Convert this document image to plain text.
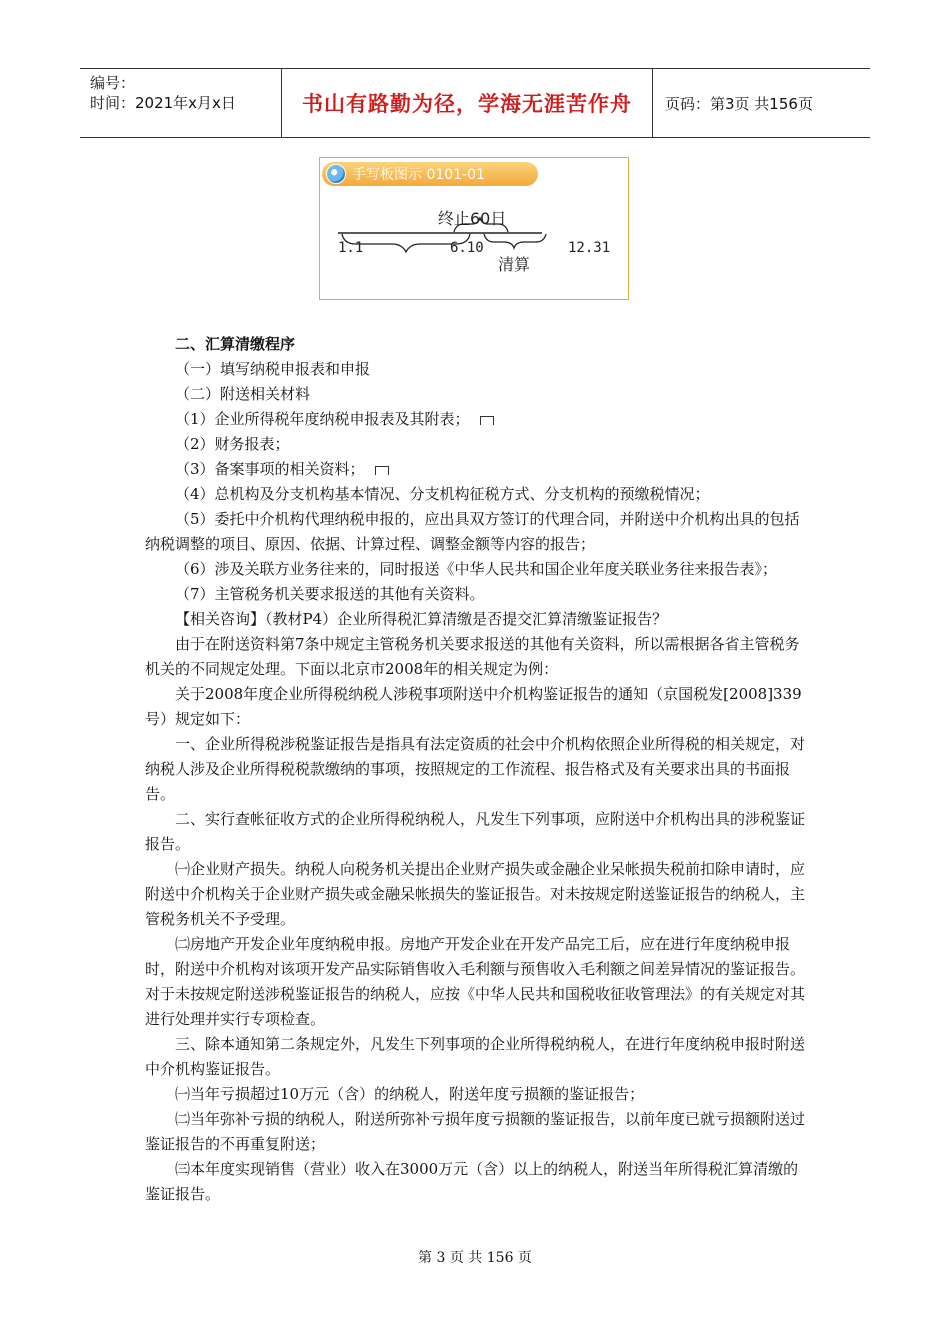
编号：
时间：2021年x月x日	书山有路勤为径，学海无涯苦作舟	页码：第3页 共156页
手写板图示 0101-01
1.1	6.10	12.31
终止60日
清算

二、汇算清缴程序

（一）填写纳税申报表和申报

（二）附送相关材料

（1）企业所得税年度纳税申报表及其附表；

（2）财务报表；

（3）备案事项的相关资料；

（4）总机构及分支机构基本情况、分支机构征税方式、分支机构的预缴税情况；

（5）委托中介机构代理纳税申报的，应出具双方签订的代理合同，并附送中介机构出具的包括纳税调整的项目、原因、依据、计算过程、调整金额等内容的报告；

（6）涉及关联方业务往来的，同时报送《中华人民共和国企业年度关联业务往来报告表》；

（7）主管税务机关要求报送的其他有关资料。

【相关咨询】（教材P4）企业所得税汇算清缴是否提交汇算清缴鉴证报告？

由于在附送资料第7条中规定主管税务机关要求报送的其他有关资料，所以需根据各省主管税务机关的不同规定处理。下面以北京市2008年的相关规定为例：

关于2008年度企业所得税纳税人涉税事项附送中介机构鉴证报告的通知（京国税发[2008]339号）规定如下：

一、企业所得税涉税鉴证报告是指具有法定资质的社会中介机构依照企业所得税的相关规定，对纳税人涉及企业所得税税款缴纳的事项，按照规定的工作流程、报告格式及有关要求出具的书面报告。

二、实行查帐征收方式的企业所得税纳税人，凡发生下列事项，应附送中介机构出具的涉税鉴证报告。

㈠企业财产损失。纳税人向税务机关提出企业财产损失或金融企业呆帐损失税前扣除申请时，应附送中介机构关于企业财产损失或金融呆帐损失的鉴证报告。对未按规定附送鉴证报告的纳税人，主管税务机关不予受理。

㈡房地产开发企业年度纳税申报。房地产开发企业在开发产品完工后，应在进行年度纳税申报时，附送中介机构对该项开发产品实际销售收入毛利额与预售收入毛利额之间差异情况的鉴证报告。对于未按规定附送涉税鉴证报告的纳税人，应按《中华人民共和国税收征收管理法》的有关规定对其进行处理并实行专项检查。

三、除本通知第二条规定外，凡发生下列事项的企业所得税纳税人，在进行年度纳税申报时附送中介机构鉴证报告。

㈠当年亏损超过10万元（含）的纳税人，附送年度亏损额的鉴证报告；

㈡当年弥补亏损的纳税人，附送所弥补亏损年度亏损额的鉴证报告，以前年度已就亏损额附送过鉴证报告的不再重复附送；

㈢本年度实现销售（营业）收入在3000万元（含）以上的纳税人，附送当年所得税汇算清缴的鉴证报告。

第 3 页 共 156 页
